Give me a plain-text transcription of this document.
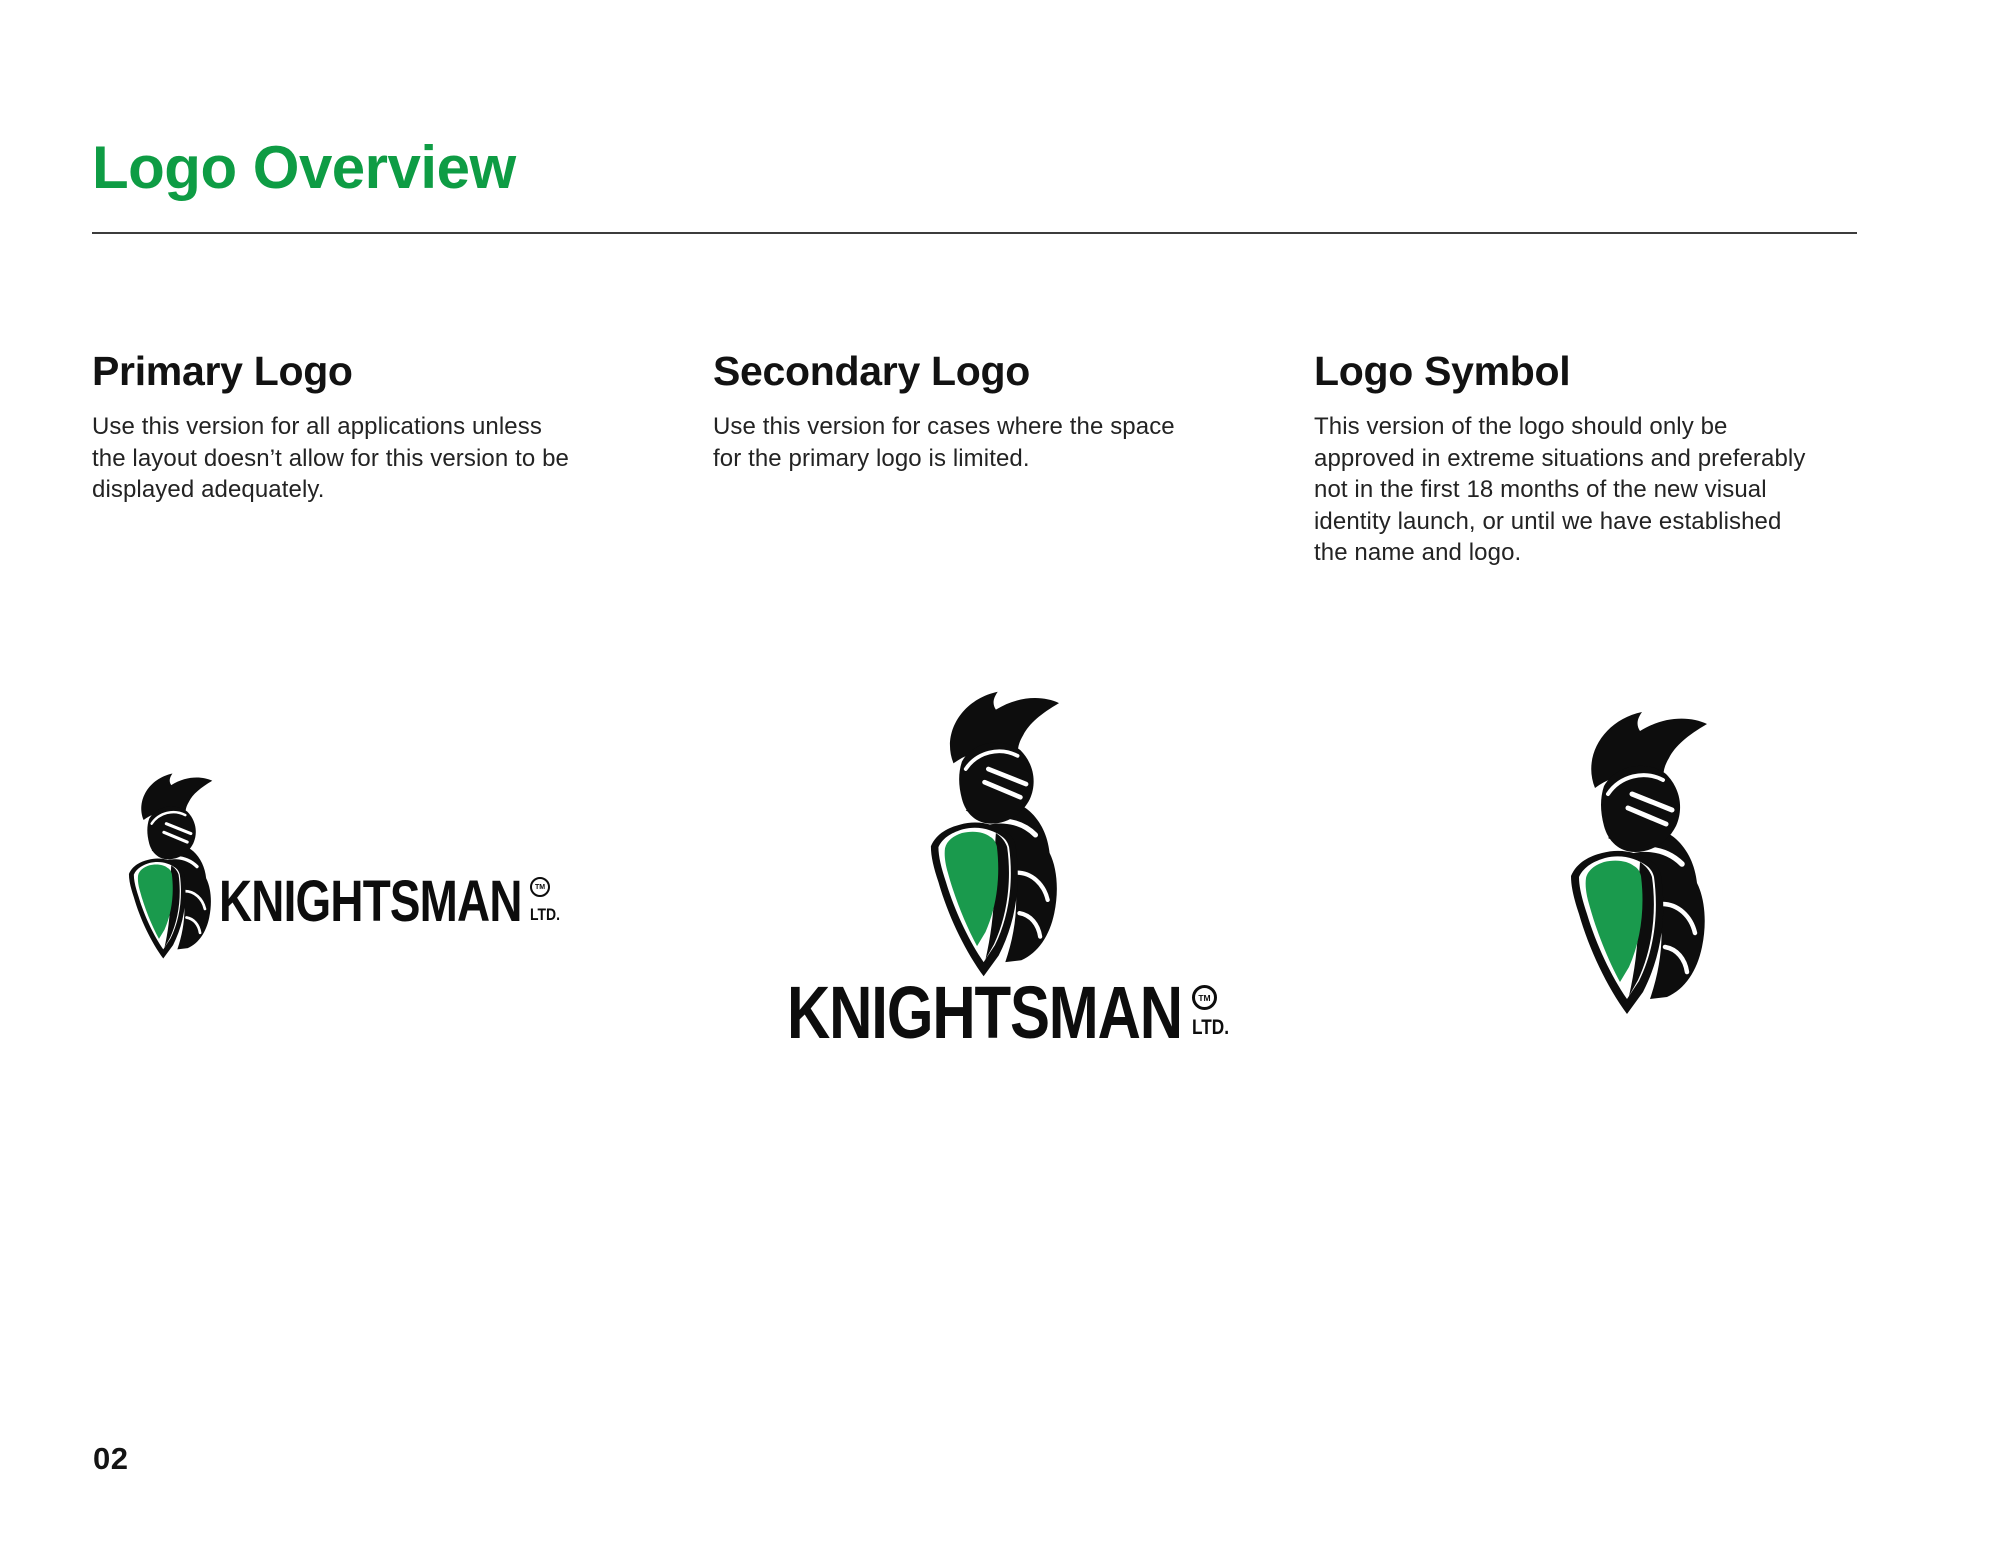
Logo Overview
Primary Logo

Use this version for all applications unless the layout doesn’t allow for this version to be displayed adequately.

Secondary Logo

Use this version for cases where the space for the primary logo is limited.

Logo Symbol

This version of the logo should only be approved in extreme situations and preferably not in the first 18 months of the new visual identity launch, or until we have established the name and logo.

KNIGHTSMAN	TM
LTD.
KNIGHTSMAN	TM
LTD.
02
